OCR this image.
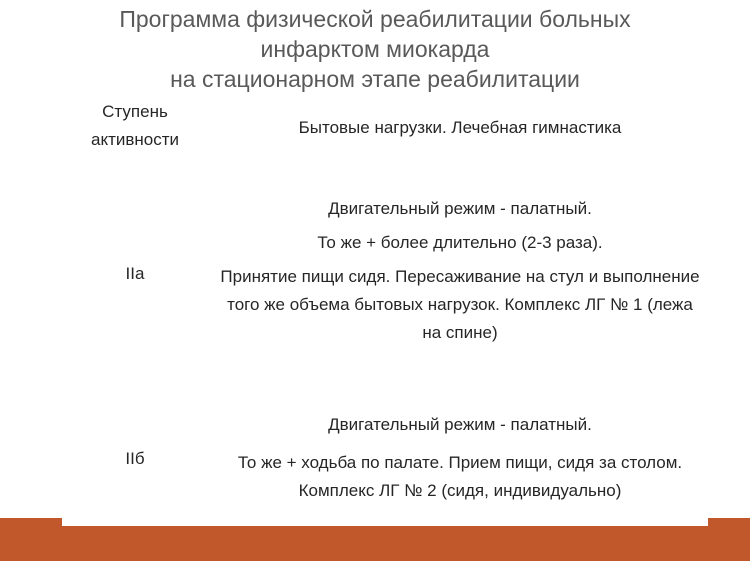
Программа физической реабилитации больных
инфарктом миокарда
на стационарном этапе реабилитации
Ступень
активности
Бытовые нагрузки. Лечебная гимнастика
IIа

Двигательный режим - палатный.

То же + более длительно (2-3 раза).

Принятие пищи сидя. Пересаживание на стул и выполнение того же объема бытовых нагрузок. Комплекс ЛГ № 1 (лежа на спине)

IIб

Двигательный режим - палатный.

То же + ходьба по палате. Прием пищи, сидя за столом. Комплекс ЛГ № 2 (сидя, индивидуально)
